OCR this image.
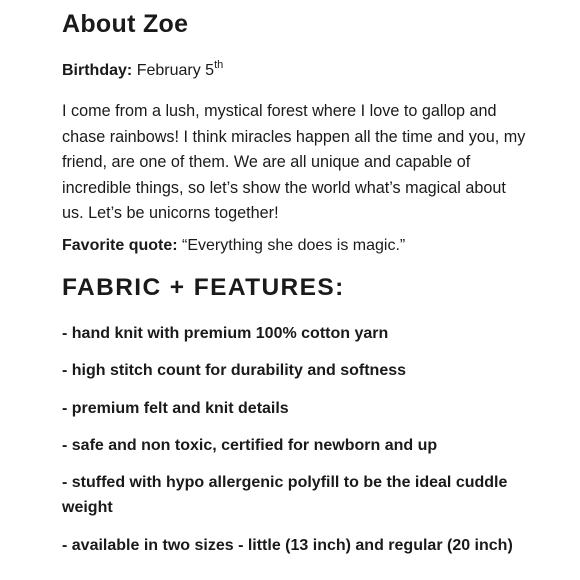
About Zoe

Birthday: February 5th

I come from a lush, mystical forest where I love to gallop and chase rainbows! I think miracles happen all the time and you, my friend, are one of them. We are all unique and capable of incredible things, so let’s show the world what’s magical about us. Let’s be unicorns together!

Favorite quote: “Everything she does is magic.”

FABRIC + FEATURES:
- hand knit with premium 100% cotton yarn
- high stitch count for durability and softness
- premium felt and knit details
- safe and non toxic, certified for newborn and up
- stuffed with hypo allergenic polyfill to be the ideal cuddle weight
- available in two sizes - little (13 inch) and regular (20 inch)
